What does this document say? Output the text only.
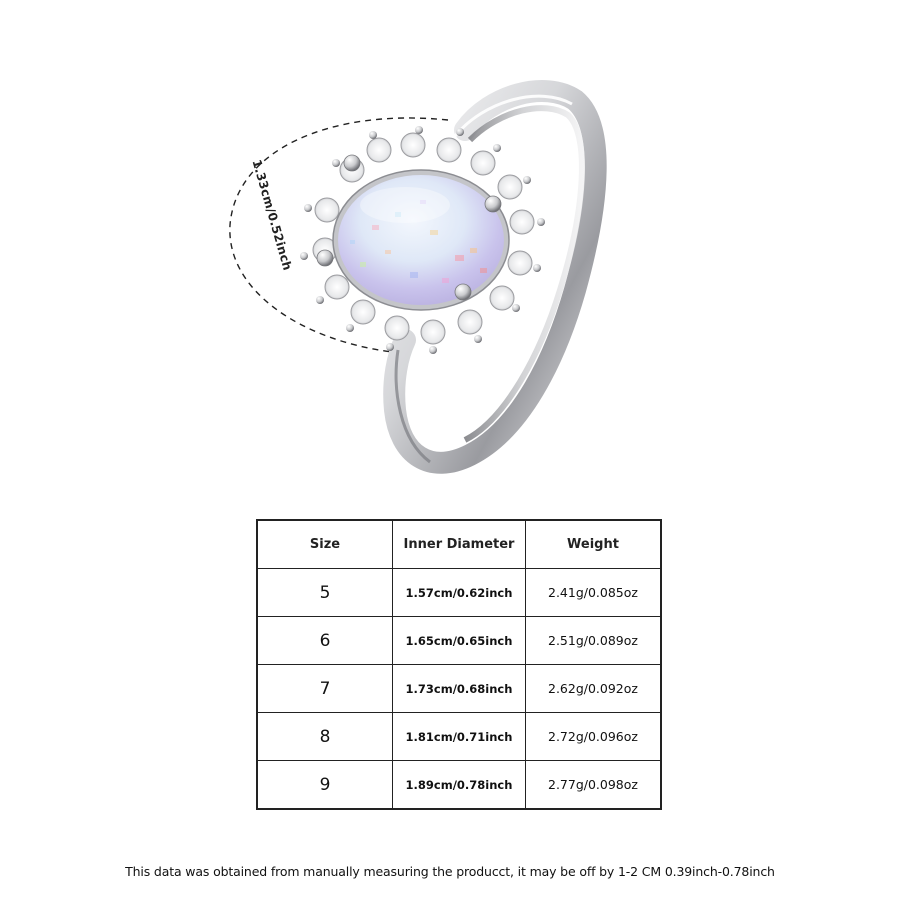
1.33cm/0.52inch
Size	Inner Diameter	Weight
5	1.57cm/0.62inch	2.41g/0.085oz
6	1.65cm/0.65inch	2.51g/0.089oz
7	1.73cm/0.68inch	2.62g/0.092oz
8	1.81cm/0.71inch	2.72g/0.096oz
9	1.89cm/0.78inch	2.77g/0.098oz
This data was obtained from manually measuring the producct, it may be off by 1-2 CM 0.39inch-0.78inch
